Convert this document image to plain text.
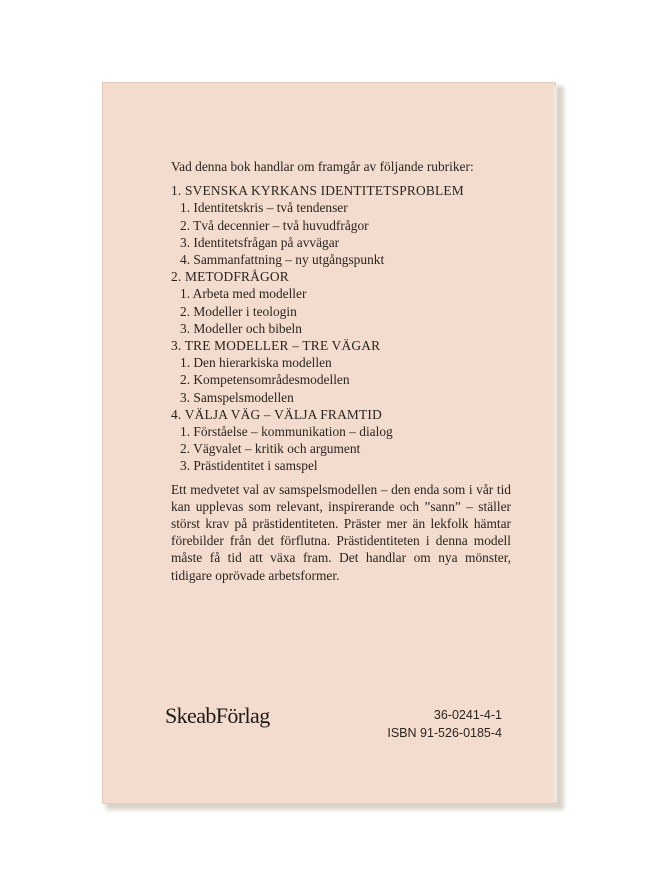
Vad denna bok handlar om framgår av följande rubriker:

1. SVENSKA KYRKANS IDENTITETSPROBLEM

1. Identitetskris – två tendenser
2. Två decennier – två huvudfrågor
3. Identitetsfrågan på avvägar
4. Sammanfattning – ny utgångspunkt

2. METODFRÅGOR

1. Arbeta med modeller
2. Modeller i teologin
3. Modeller och bibeln

3. TRE MODELLER – TRE VÄGAR

1. Den hierarkiska modellen
2. Kompetensområdesmodellen
3. Samspelsmodellen

4. VÄLJA VÄG – VÄLJA FRAMTID

1. Förståelse – kommunikation – dialog
2. Vägvalet – kritik och argument
3. Prästidentitet i samspel

Ett medvetet val av samspelsmodellen – den enda som i vår tid kan upplevas som relevant, inspirerande och ”sann” – ställer störst krav på prästidentiteten. Präster mer än lekfolk hämtar förebilder från det förflutna. Prästidentiteten i denna modell måste få tid att växa fram. Det handlar om nya mönster, tidigare oprövade arbetsformer.

SkeabFörlag	36-0241-4-1
ISBN 91-526-0185-4
